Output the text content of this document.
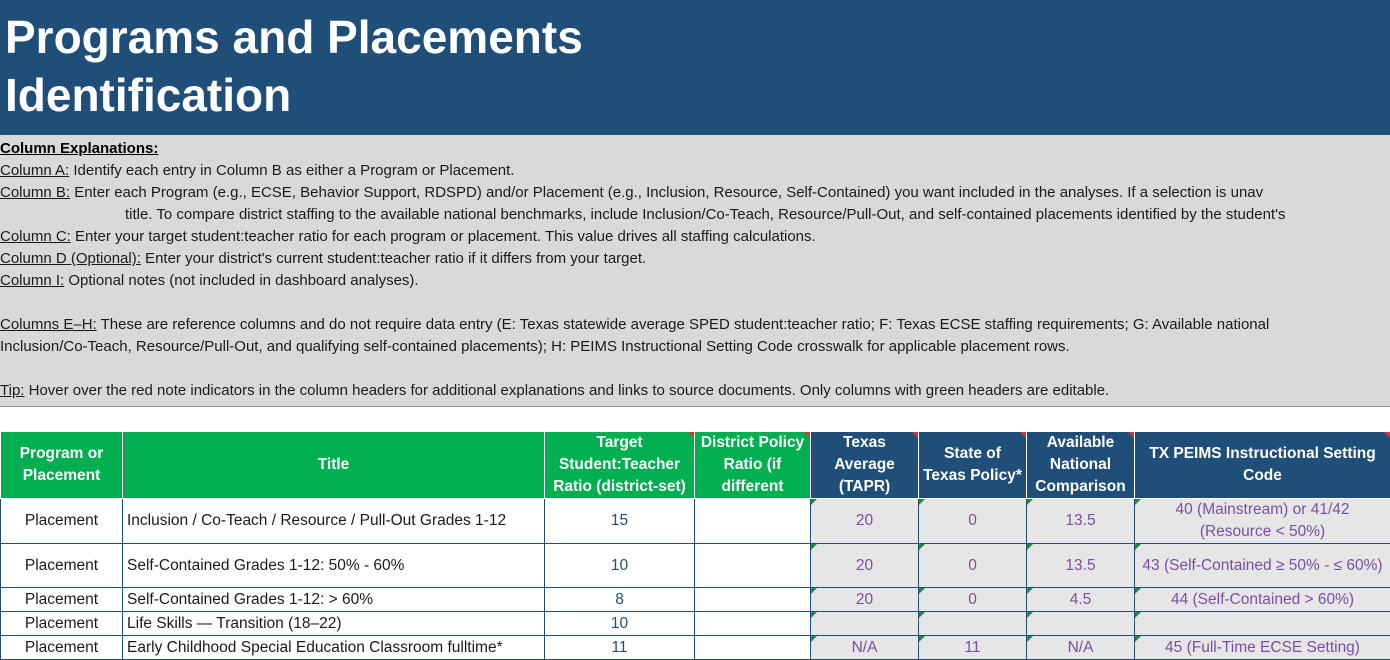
Programs and Placements
Identification
Column Explanations:
Column A: Identify each entry in Column B as either a Program or Placement.
Column B: Enter each Program (e.g., ECSE, Behavior Support, RDSPD) and/or Placement (e.g., Inclusion, Resource, Self-Contained) you want included in the analyses. If a selection is unav
title. To compare district staffing to the available national benchmarks, include Inclusion/Co-Teach, Resource/Pull-Out, and self-contained placements identified by the student's
Column C: Enter your target student:teacher ratio for each program or placement. This value drives all staffing calculations.
Column D (Optional): Enter your district's current student:teacher ratio if it differs from your target.
Column I: Optional notes (not included in dashboard analyses).
Columns E–H: These are reference columns and do not require data entry (E: Texas statewide average SPED student:teacher ratio; F: Texas ECSE staffing requirements; G: Available national
Inclusion/Co-Teach, Resource/Pull-Out, and qualifying self-contained placements); H: PEIMS Instructional Setting Code crosswalk for applicable placement rows.
Tip: Hover over the red note indicators in the column headers for additional explanations and links to source documents. Only columns with green headers are editable.
Program or Placement	Title	Target Student:Teacher Ratio (district-set)	District Policy Ratio (if different	Texas Average (TAPR)	State of Texas Policy*	Available National Comparison	TX PEIMS Instructional Setting Code

Placement	Inclusion / Co-Teach / Resource / Pull-Out Grades 1-12	15		20	0	13.5	40 (Mainstream) or 41/42 (Resource < 50%)
Placement	Self-Contained Grades 1-12: 50% - 60%	10		20	0	13.5	43 (Self-Contained ≥ 50% - ≤ 60%)
Placement	Self-Contained Grades 1-12: > 60%	8		20	0	4.5	44 (Self-Contained > 60%)
Placement	Life Skills — Transition (18–22)	10		

Placement	Early Childhood Special Education Classroom fulltime*	11		N/A	11	N/A	45 (Full-Time ECSE Setting)
